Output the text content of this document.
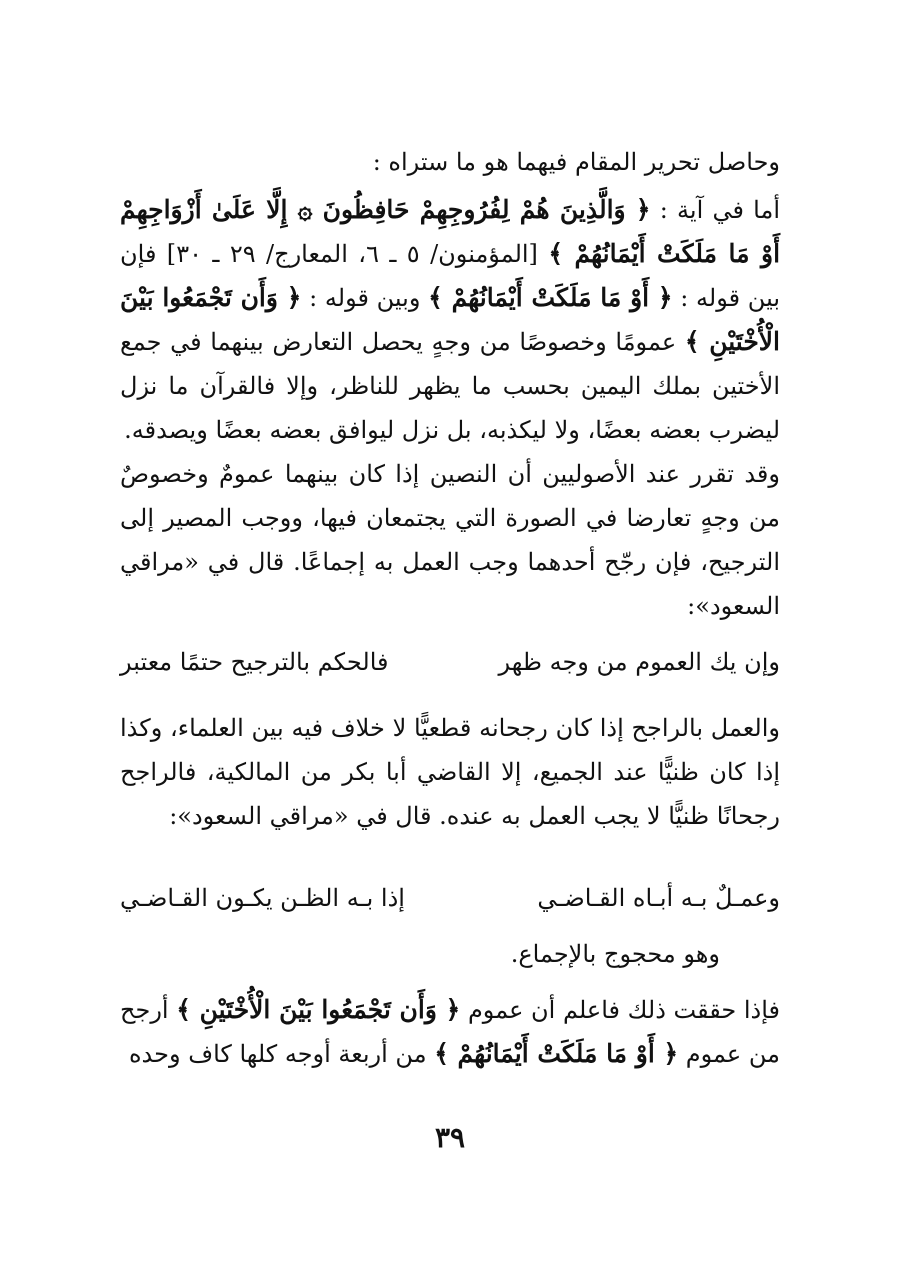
وحاصل تحرير المقام فيهما هو ما ستراه :

أما في آية : ﴿ وَالَّذِينَ هُمْ لِفُرُوجِهِمْ حَافِظُونَ ۞ إِلَّا عَلَىٰ أَزْوَاجِهِمْ أَوْ مَا مَلَكَتْ أَيْمَانُهُمْ ﴾ [المؤمنون/ ٥ ـ ٦، المعارج/ ٢٩ ـ ٣٠] فإن بين قوله : ﴿ أَوْ مَا مَلَكَتْ أَيْمَانُهُمْ ﴾ وبين قوله : ﴿ وَأَن تَجْمَعُوا بَيْنَ الْأُخْتَيْنِ ﴾ عمومًا وخصوصًا من وجهٍ يحصل التعارض بينهما في جمع الأختين بملك اليمين بحسب ما يظهر للناظر، وإلا فالقرآن ما نزل ليضرب بعضه بعضًا، ولا ليكذبه، بل نزل ليوافق بعضه بعضًا ويصدقه.

وقد تقرر عند الأصوليين أن النصين إذا كان بينهما عمومٌ وخصوصٌ من وجهٍ تعارضا في الصورة التي يجتمعان فيها، ووجب المصير إلى الترجيح، فإن رجّح أحدهما وجب العمل به إجماعًا. قال في «مراقي السعود»:

وإن يك العموم من وجه ظهر
فالحكم بالترجيح حتمًا معتبر

والعمل بالراجح إذا كان رجحانه قطعيًّا لا خلاف فيه بين العلماء، وكذا إذا كان ظنيًّا عند الجميع، إلا القاضي أبا بكر من المالكية، فالراجح رجحانًا ظنيًّا لا يجب العمل به عنده. قال في «مراقي السعود»:

وعمـلٌ بـه أبـاه القـاضـي
إذا بـه الظـن يكـون القـاضـي
وهو محجوج بالإجماع.

فإذا حققت ذلك فاعلم أن عموم ﴿ وَأَن تَجْمَعُوا بَيْنَ الْأُخْتَيْنِ ﴾ أرجح من عموم ﴿ أَوْ مَا مَلَكَتْ أَيْمَانُهُمْ ﴾ من أربعة أوجه كلها كاف وحده

٣٩
